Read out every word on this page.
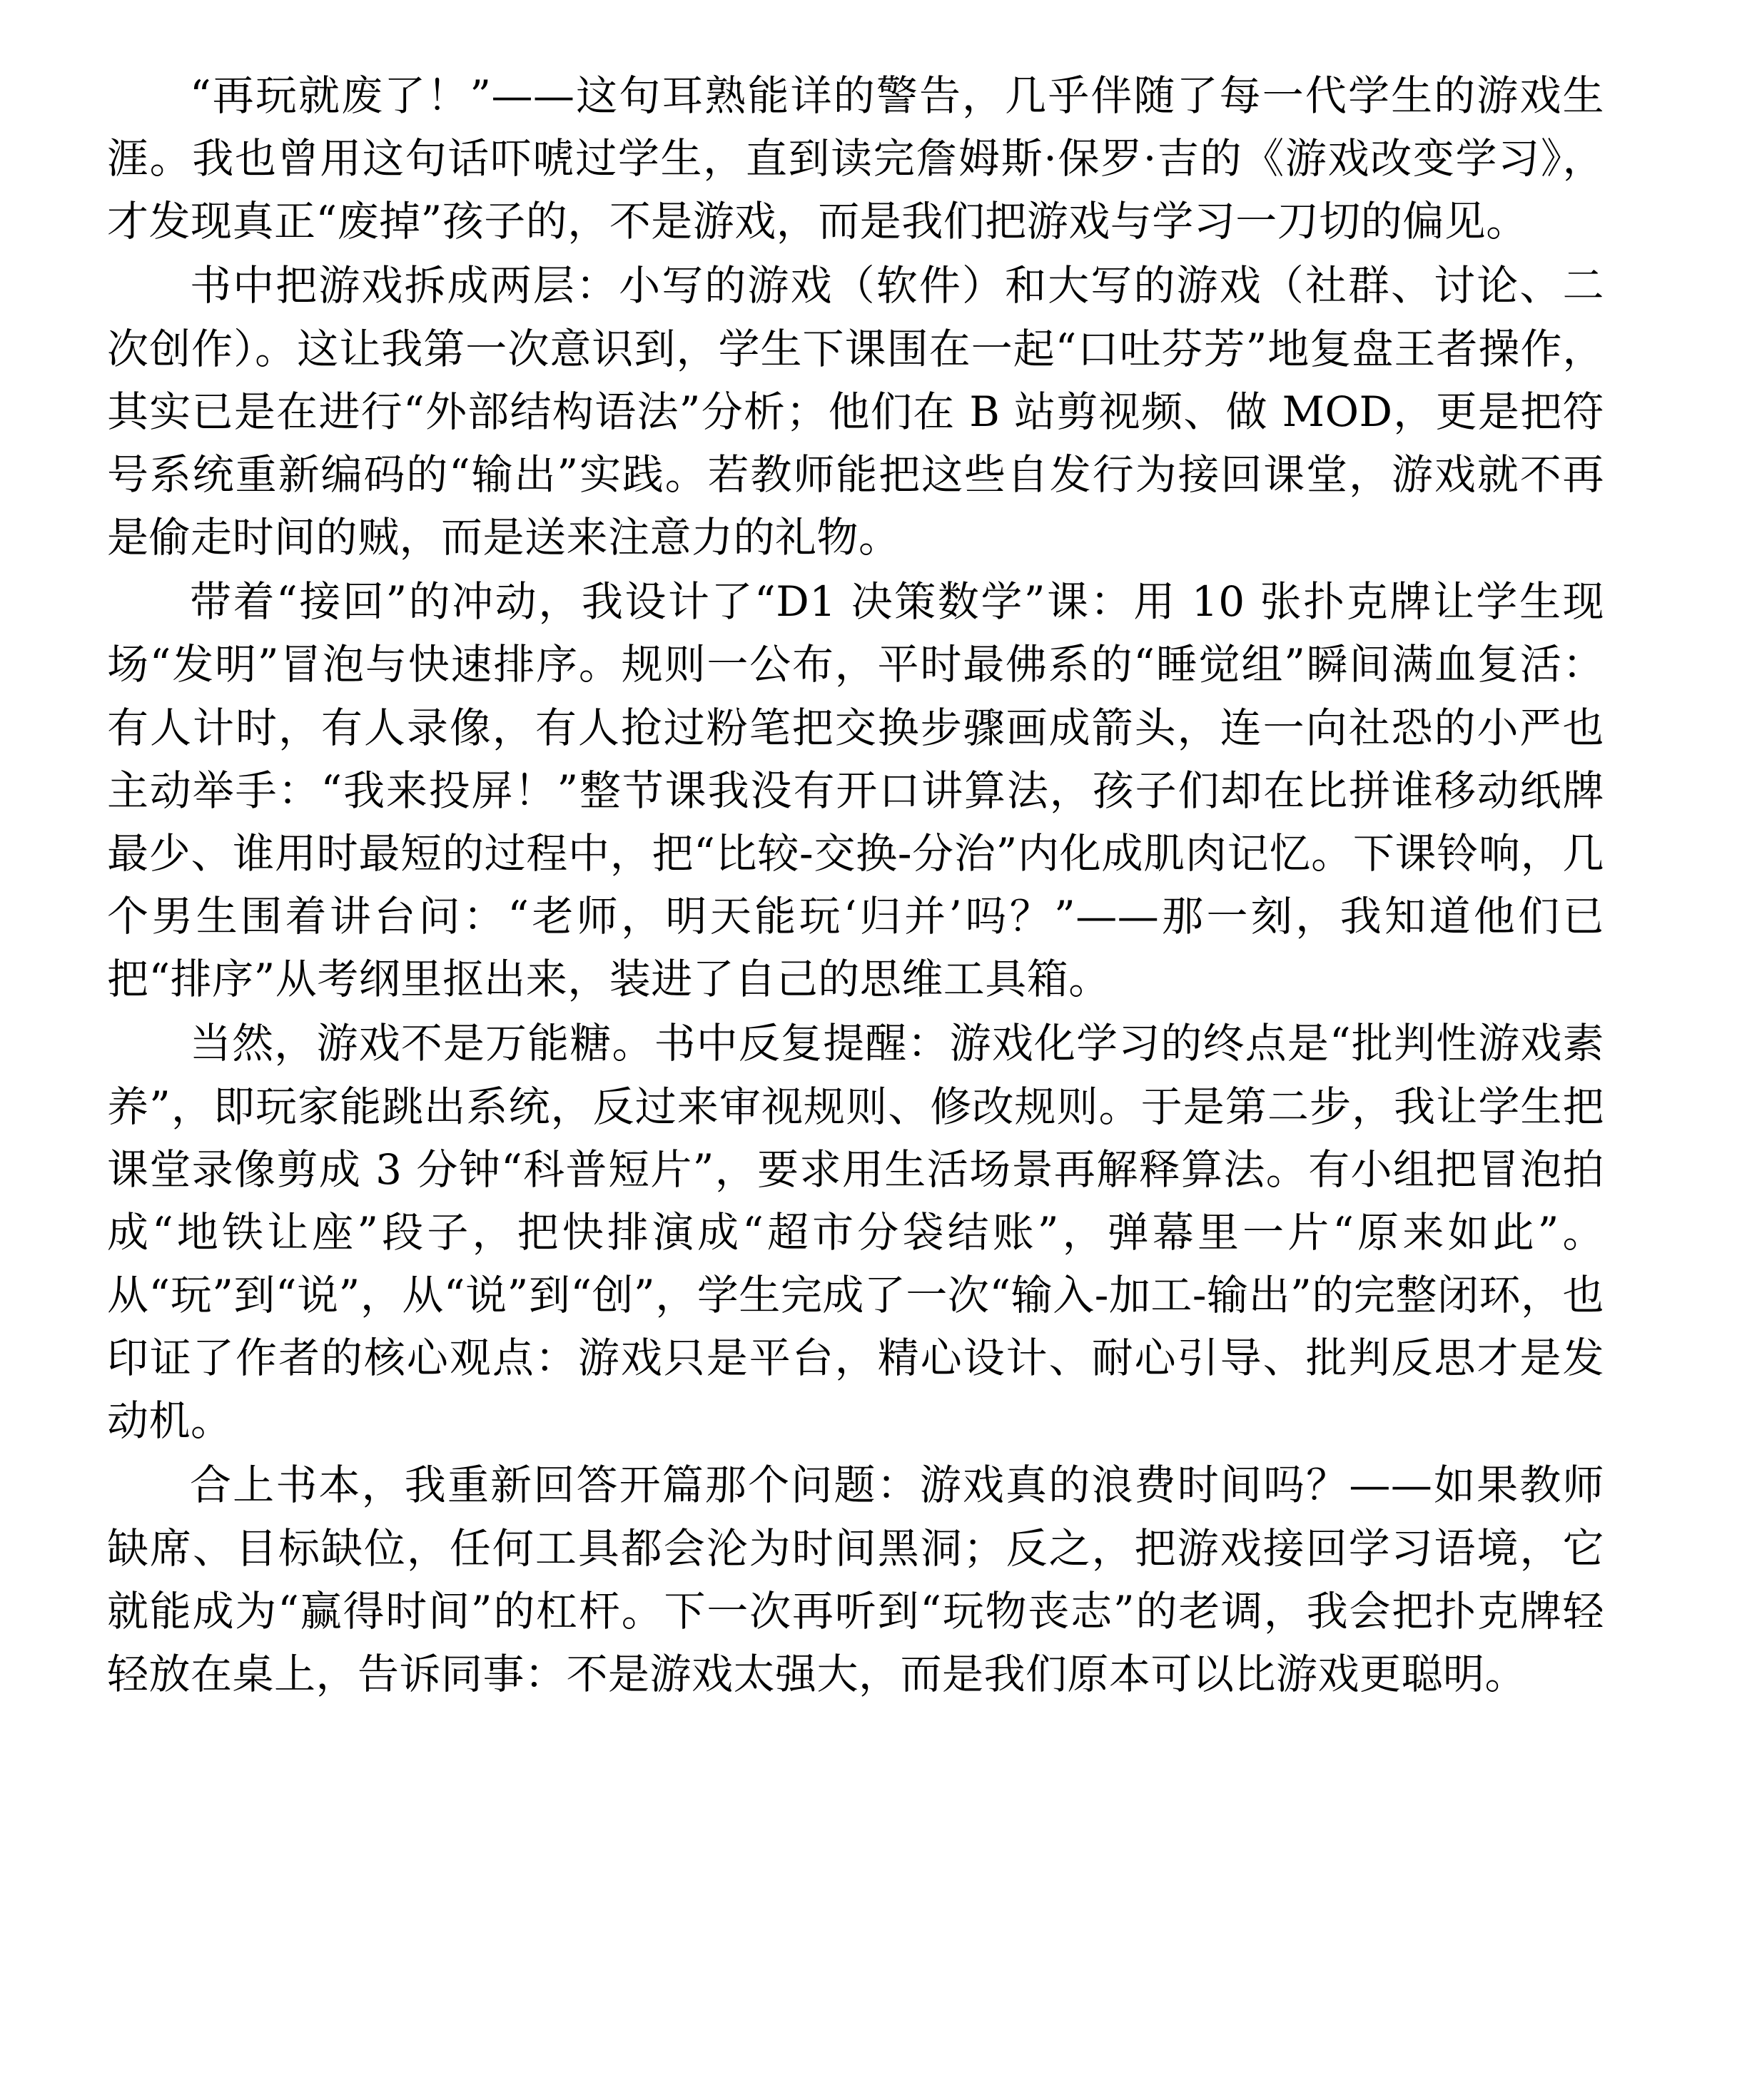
“再玩就废了！”——这句耳熟能详的警告，几乎伴随了每一代学生的游戏生涯。我也曾用这句话吓唬过学生，直到读完詹姆斯·保罗·吉的《游戏改变学习》，才发现真正“废掉”孩子的，不是游戏，而是我们把游戏与学习一刀切的偏见。

书中把游戏拆成两层：小写的游戏（软件）和大写的游戏（社群、讨论、二次创作）。这让我第一次意识到，学生下课围在一起“口吐芬芳”地复盘王者操作，其实已是在进行“外部结构语法”分析；他们在 B 站剪视频、做 MOD，更是把符号系统重新编码的“输出”实践。若教师能把这些自发行为接回课堂，游戏就不再是偷走时间的贼，而是送来注意力的礼物。

带着“接回”的冲动，我设计了“D1 决策数学”课：用 10 张扑克牌让学生现场“发明”冒泡与快速排序。规则一公布，平时最佛系的“睡觉组”瞬间满血复活：有人计时，有人录像，有人抢过粉笔把交换步骤画成箭头，连一向社恐的小严也主动举手：“我来投屏！”整节课我没有开口讲算法，孩子们却在比拼谁移动纸牌最少、谁用时最短的过程中，把“比较-交换-分治”内化成肌肉记忆。下课铃响，几个男生围着讲台问：“老师，明天能玩‘归并’吗？”——那一刻，我知道他们已把“排序”从考纲里抠出来，装进了自己的思维工具箱。

当然，游戏不是万能糖。书中反复提醒：游戏化学习的终点是“批判性游戏素养”，即玩家能跳出系统，反过来审视规则、修改规则。于是第二步，我让学生把课堂录像剪成 3 分钟“科普短片”，要求用生活场景再解释算法。有小组把冒泡拍成“地铁让座”段子，把快排演成“超市分袋结账”，弹幕里一片“原来如此”。从“玩”到“说”，从“说”到“创”，学生完成了一次“输入-加工-输出”的完整闭环，也印证了作者的核心观点：游戏只是平台，精心设计、耐心引导、批判反思才是发动机。

合上书本，我重新回答开篇那个问题：游戏真的浪费时间吗？——如果教师缺席、目标缺位，任何工具都会沦为时间黑洞；反之，把游戏接回学习语境，它就能成为“赢得时间”的杠杆。下一次再听到“玩物丧志”的老调，我会把扑克牌轻轻放在桌上，告诉同事：不是游戏太强大，而是我们原本可以比游戏更聪明。
